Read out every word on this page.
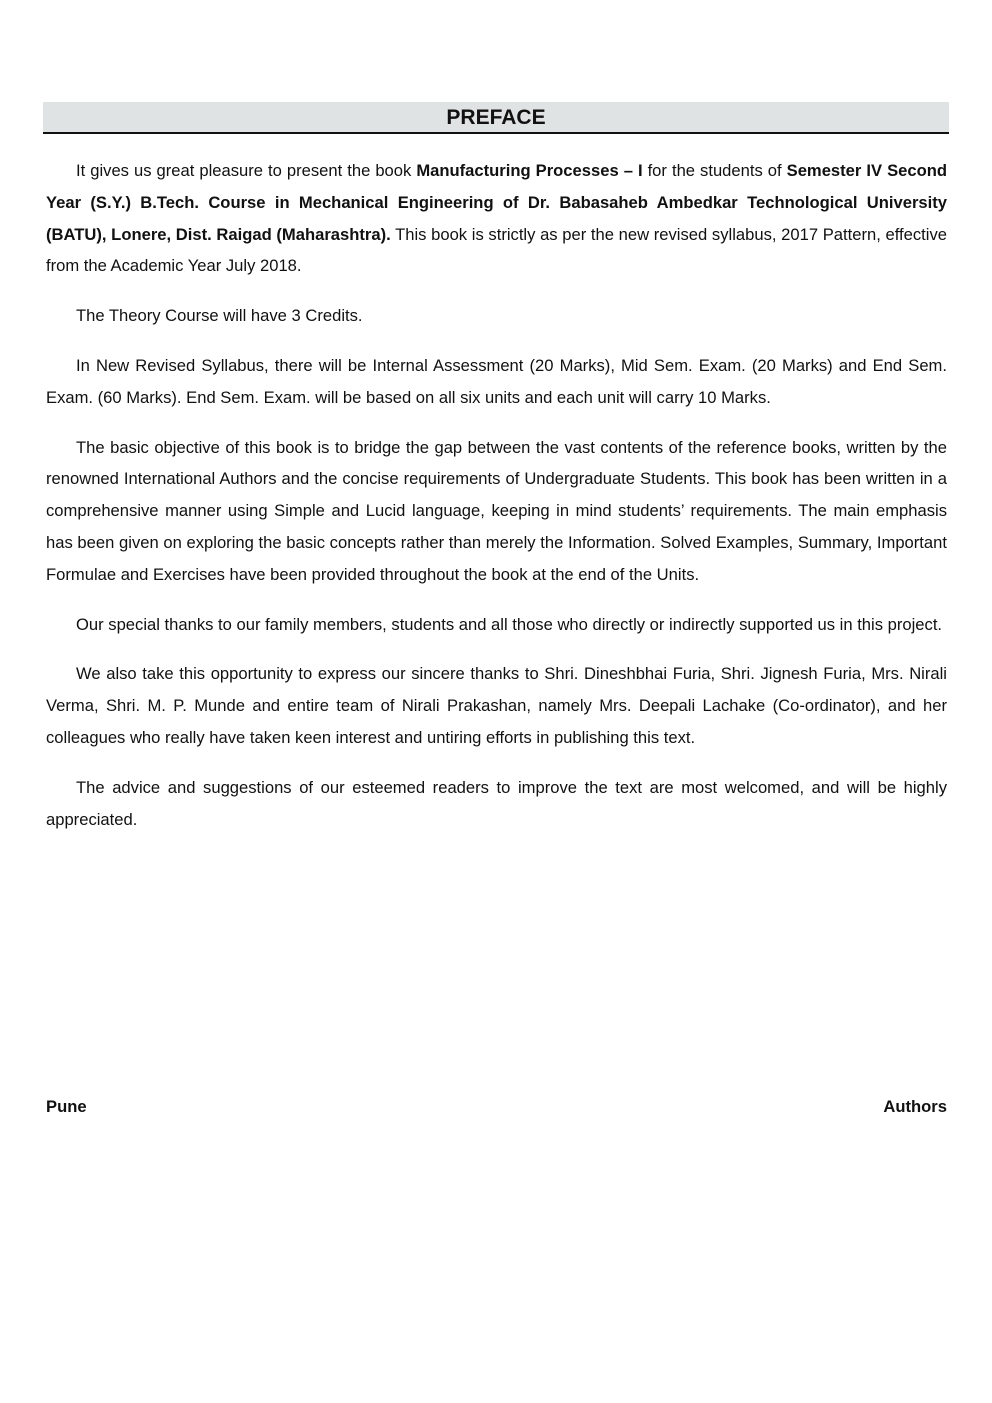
PREFACE

It gives us great pleasure to present the book Manufacturing Processes – I for the students of Semester IV Second Year (S.Y.) B.Tech. Course in Mechanical Engineering of Dr. Babasaheb Ambedkar Technological University (BATU), Lonere, Dist. Raigad (Maharashtra). This book is strictly as per the new revised syllabus, 2017 Pattern, effective from the Academic Year July 2018.

The Theory Course will have 3 Credits.

In New Revised Syllabus, there will be Internal Assessment (20 Marks), Mid Sem. Exam. (20 Marks) and End Sem. Exam. (60 Marks). End Sem. Exam. will be based on all six units and each unit will carry 10 Marks.

The basic objective of this book is to bridge the gap between the vast contents of the reference books, written by the renowned International Authors and the concise requirements of Undergraduate Students. This book has been written in a comprehensive manner using Simple and Lucid language, keeping in mind students’ requirements. The main emphasis has been given on exploring the basic concepts rather than merely the Information. Solved Examples, Summary, Important Formulae and Exercises have been provided throughout the book at the end of the Units.

Our special thanks to our family members, students and all those who directly or indirectly supported us in this project.

We also take this opportunity to express our sincere thanks to Shri. Dineshbhai Furia, Shri. Jignesh Furia, Mrs. Nirali Verma, Shri. M. P. Munde and entire team of Nirali Prakashan, namely Mrs. Deepali Lachake (Co-ordinator), and her colleagues who really have taken keen interest and untiring efforts in publishing this text.

The advice and suggestions of our esteemed readers to improve the text are most welcomed, and will be highly appreciated.

Pune	Authors
